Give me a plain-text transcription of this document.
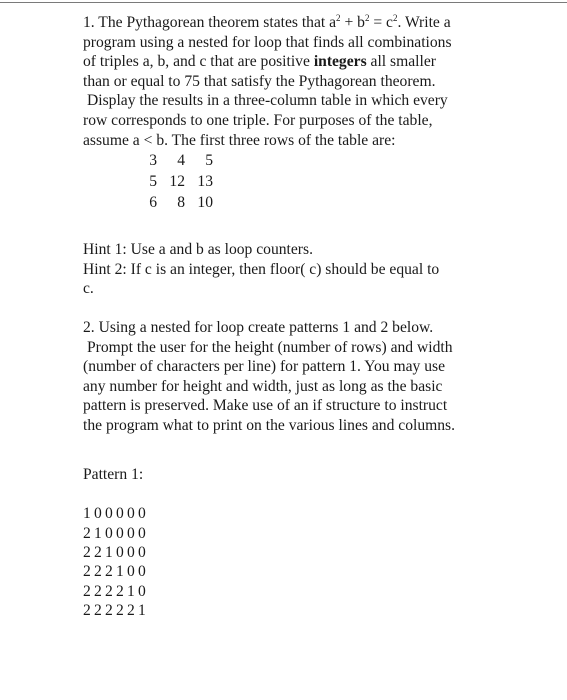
1. The Pythagorean theorem states that $a^2 + b^2 = c^2$. Write a
program using a nested for loop that finds all combinations
of triples a, b, and c that are positive integers all smaller
than or equal to 75 that satisfy the Pythagorean theorem.
Display the results in a three-column table in which every
row corresponds to one triple. For purposes of the table,
assume a < b. The first three rows of the table are:

3	4	5
5	12	13
6	8	10

Hint 1: Use a and b as loop counters.
Hint 2: If c is an integer, then floor( c) should be equal to
c.

2. Using a nested for loop create patterns 1 and 2 below.
Prompt the user for the height (number of rows) and width
(number of characters per line) for pattern 1. You may use
any number for height and width, just as long as the basic
pattern is preserved. Make use of an if structure to instruct
the program what to print on the various lines and columns.

Pattern 1:

100000
210000
221000
222100
222210
222221
